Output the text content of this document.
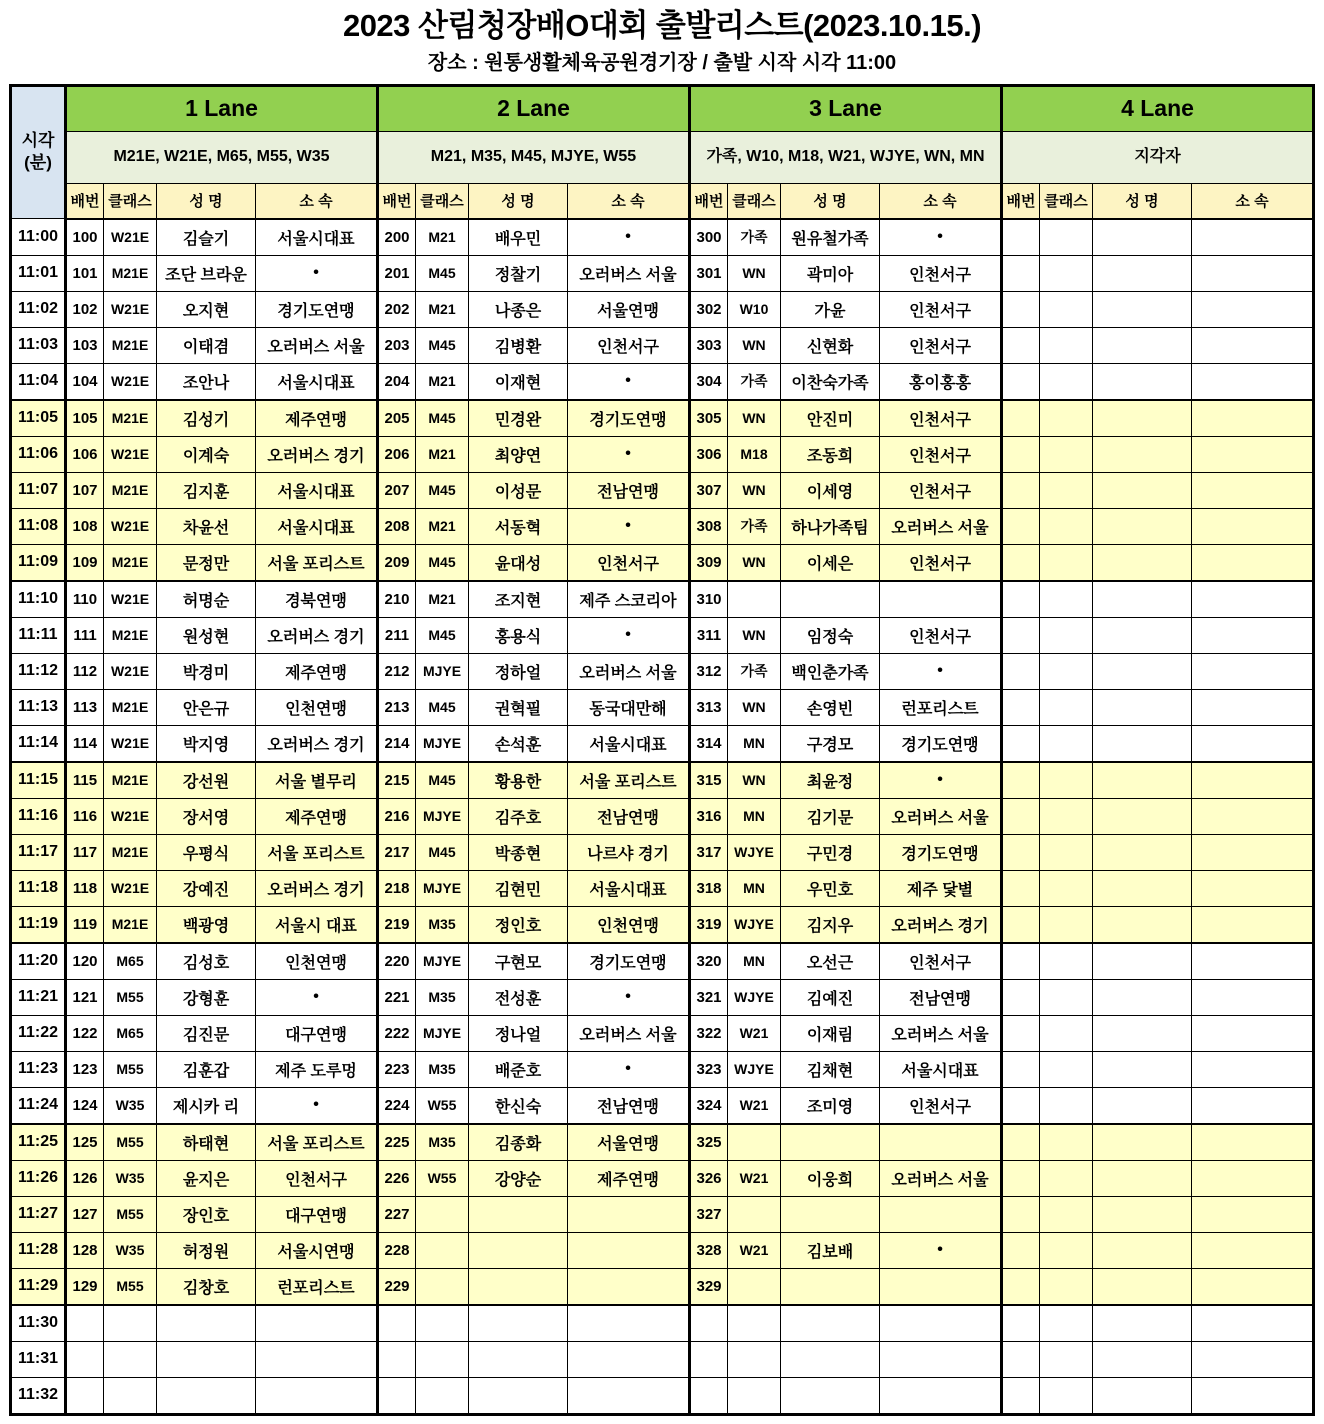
2023 산림청장배O대회 출발리스트(2023.10.15.)
장소 : 원통생활체육공원경기장 / 출발 시작 시각 11:00
시각
(분)	1 Lane				2 Lane				3 Lane				4 Lane			
	M21E, W21E, M65, M55, W35				M21, M35, M45, MJYE, W55				가족, W10, M18, W21, WJYE, WN, MN				지각자			
	배번	클래스	성 명	소 속	배번	클래스	성 명	소 속	배번	클래스	성 명	소 속	배번	클래스	성 명	소 속
11:00	100	W21E	김슬기	서울시대표	200	M21	배우민	•	300	가족	원유철가족	•				
11:01	101	M21E	조단 브라운	•	201	M45	정찰기	오러버스 서울	301	WN	곽미아	인천서구				
11:02	102	W21E	오지현	경기도연맹	202	M21	나종은	서울연맹	302	W10	가윤	인천서구				
11:03	103	M21E	이태겸	오러버스 서울	203	M45	김병환	인천서구	303	WN	신현화	인천서구				
11:04	104	W21E	조안나	서울시대표	204	M21	이재현	•	304	가족	이찬숙가족	홍이홍홍				
11:05	105	M21E	김성기	제주연맹	205	M45	민경완	경기도연맹	305	WN	안진미	인천서구				
11:06	106	W21E	이계숙	오러버스 경기	206	M21	최양연	•	306	M18	조동희	인천서구				
11:07	107	M21E	김지훈	서울시대표	207	M45	이성문	전남연맹	307	WN	이세영	인천서구				
11:08	108	W21E	차윤선	서울시대표	208	M21	서동혁	•	308	가족	하나가족팀	오러버스 서울				
11:09	109	M21E	문정만	서울 포리스트	209	M45	윤대성	인천서구	309	WN	이세은	인천서구				
11:10	110	W21E	허명순	경북연맹	210	M21	조지현	제주 스코리아	310							
11:11	111	M21E	원성현	오러버스 경기	211	M45	홍용식	•	311	WN	임정숙	인천서구				
11:12	112	W21E	박경미	제주연맹	212	MJYE	정하얼	오러버스 서울	312	가족	백인춘가족	•				
11:13	113	M21E	안은규	인천연맹	213	M45	권혁필	동국대만해	313	WN	손영빈	런포리스트				
11:14	114	W21E	박지영	오러버스 경기	214	MJYE	손석훈	서울시대표	314	MN	구경모	경기도연맹				
11:15	115	M21E	강선원	서울 별무리	215	M45	황용한	서울 포리스트	315	WN	최윤정	•				
11:16	116	W21E	장서영	제주연맹	216	MJYE	김주호	전남연맹	316	MN	김기문	오러버스 서울				
11:17	117	M21E	우평식	서울 포리스트	217	M45	박종현	나르샤 경기	317	WJYE	구민경	경기도연맹				
11:18	118	W21E	강예진	오러버스 경기	218	MJYE	김현민	서울시대표	318	MN	우민호	제주 닻별				
11:19	119	M21E	백광영	서울시 대표	219	M35	정인호	인천연맹	319	WJYE	김지우	오러버스 경기				
11:20	120	M65	김성호	인천연맹	220	MJYE	구현모	경기도연맹	320	MN	오선근	인천서구				
11:21	121	M55	강형훈	•	221	M35	전성훈	•	321	WJYE	김예진	전남연맹				
11:22	122	M65	김진문	대구연맹	222	MJYE	정나얼	오러버스 서울	322	W21	이재림	오러버스 서울				
11:23	123	M55	김훈갑	제주 도루멍	223	M35	배준호	•	323	WJYE	김채현	서울시대표				
11:24	124	W35	제시카 리	•	224	W55	한신숙	전남연맹	324	W21	조미영	인천서구				
11:25	125	M55	하태현	서울 포리스트	225	M35	김종화	서울연맹	325							
11:26	126	W35	윤지은	인천서구	226	W55	강양순	제주연맹	326	W21	이웅희	오러버스 서울				
11:27	127	M55	장인호	대구연맹	227				327							
11:28	128	W35	허정원	서울시연맹	228				328	W21	김보배	•				
11:29	129	M55	김창호	런포리스트	229				329							
11:30																
11:31																
11:32																
